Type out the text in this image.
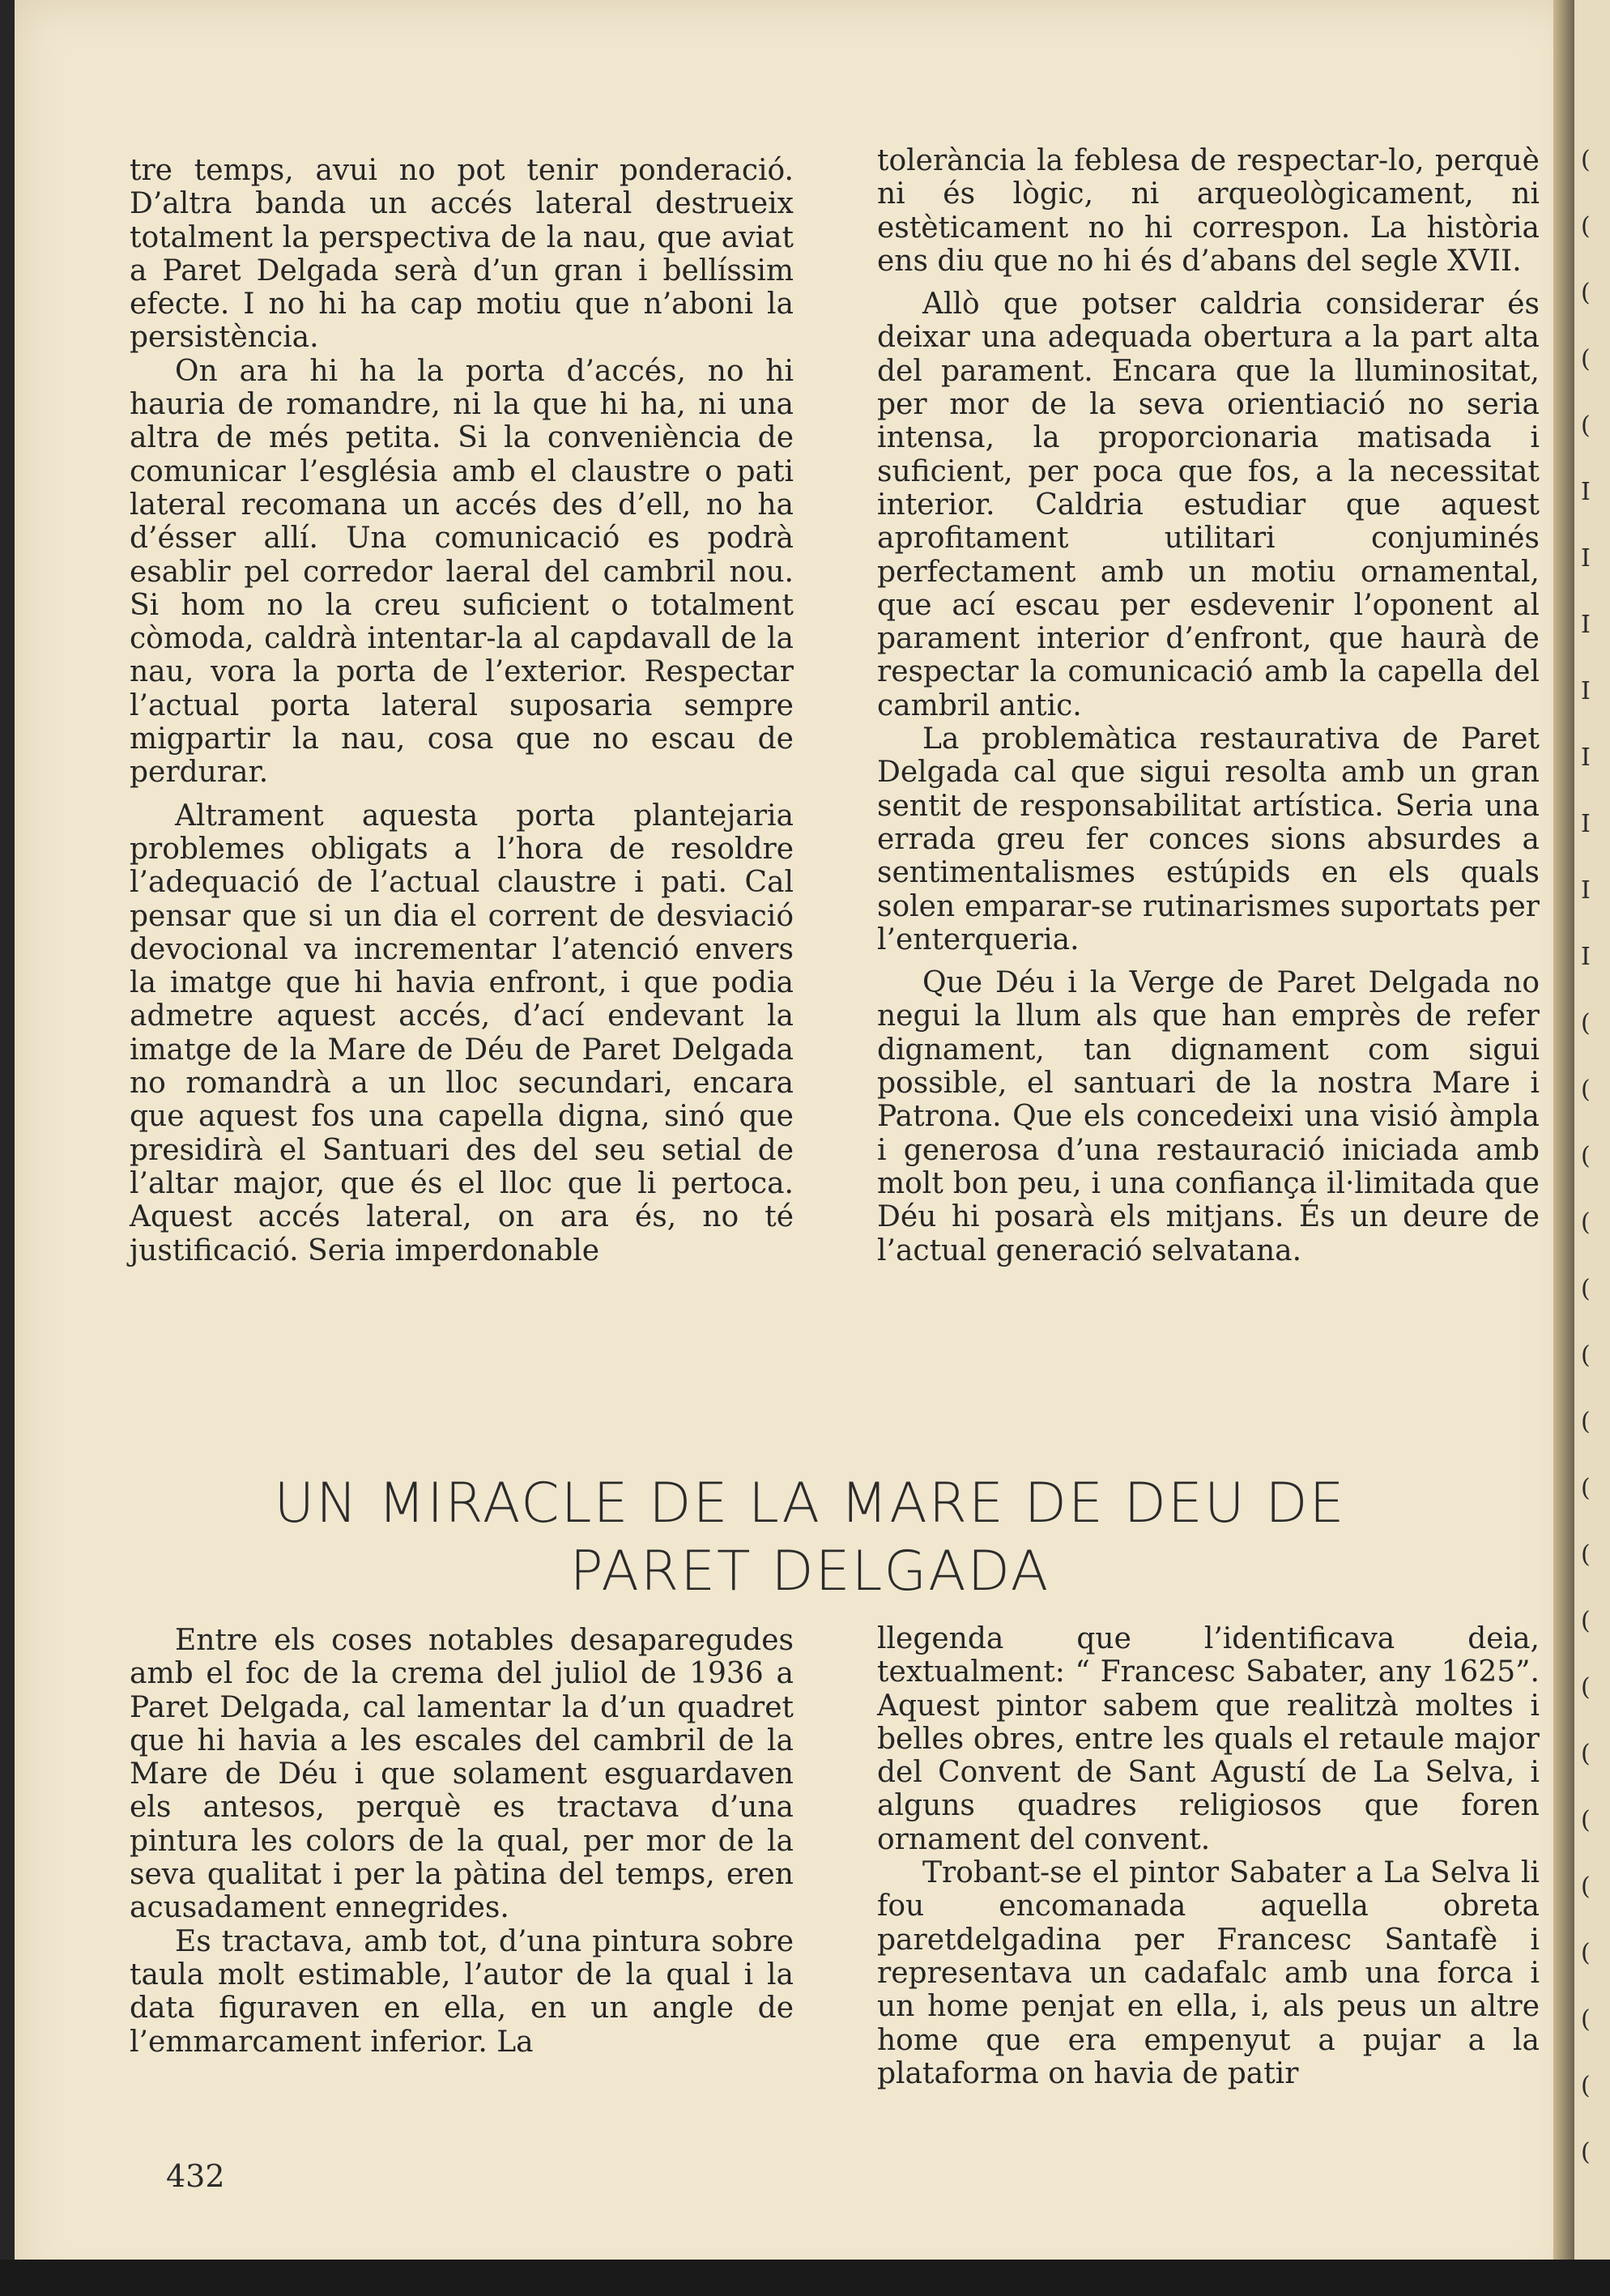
(
(
(
(
(
I
I
I
I
I
I
I
I
(
(
(
(
(
(
(
(
(
(
(
(
(
(
(
(
(
(

tre temps, avui no pot tenir ponderació. D’altra banda un accés lateral destrueix totalment la perspectiva de la nau, que aviat a Paret Delgada serà d’un gran i bellíssim efecte. I no hi ha cap motiu que n’aboni la persistència.

On ara hi ha la porta d’accés, no hi hauria de romandre, ni la que hi ha, ni una altra de més petita. Si la conveniència de comunicar l’església amb el claustre o pati lateral recomana un accés des d’ell, no ha d’ésser allí. Una comunicació es podrà esablir pel corredor laeral del cambril nou. Si hom no la creu suficient o totalment còmoda, caldrà intentar-la al capdavall de la nau, vora la porta de l’exterior. Respectar l’actual porta lateral suposaria sempre migpartir la nau, cosa que no escau de perdurar.

Altrament aquesta porta plantejaria problemes obligats a l’hora de resoldre l’adequació de l’actual claustre i pati. Cal pensar que si un dia el corrent de desviació devocional va incrementar l’atenció envers la imatge que hi havia enfront, i que podia admetre aquest accés, d’ací endevant la imatge de la Mare de Déu de Paret Delgada no romandrà a un lloc secundari, encara que aquest fos una capella digna, sinó que presidirà el Santuari des del seu setial de l’altar major, que és el lloc que li pertoca. Aquest accés lateral, on ara és, no té justificació. Seria imperdonable

tolerància la feblesa de respectar-lo, perquè ni és lògic, ni arqueològicament, ni estèticament no hi correspon. La història ens diu que no hi és d’abans del segle XVII.

Allò que potser caldria considerar és deixar una adequada obertura a la part alta del parament. Encara que la lluminositat, per mor de la seva orientiació no seria intensa, la proporcionaria matisada i suficient, per poca que fos, a la necessitat interior. Caldria estudiar que aquest aprofitament utilitari conjuminés perfectament amb un motiu ornamental, que ací escau per esdevenir l’oponent al parament interior d’enfront, que haurà de respectar la comunicació amb la capella del cambril antic.

La problemàtica restaurativa de Paret Delgada cal que sigui resolta amb un gran sentit de responsabilitat artística. Seria una errada greu fer conces sions absurdes a sentimentalismes estúpids en els quals solen emparar-se rutinarismes suportats per l’enterqueria.

Que Déu i la Verge de Paret Delgada no negui la llum als que han emprès de refer dignament, tan dignament com sigui possible, el santuari de la nostra Mare i Patrona. Que els concedeixi una visió àmpla i generosa d’una restauració iniciada amb molt bon peu, i una confiança il·limitada que Déu hi posarà els mitjans. És un deure de l’actual generació selvatana.

UN MIRACLE DE LA MARE DE DEU DE
PARET DELGADA

Entre els coses notables desaparegudes amb el foc de la crema del juliol de 1936 a Paret Delgada, cal lamentar la d’un quadret que hi havia a les escales del cambril de la Mare de Déu i que solament esguardaven els antesos, perquè es tractava d’una pintura les colors de la qual, per mor de la seva qualitat i per la pàtina del temps, eren acusadament ennegrides.

Es tractava, amb tot, d’una pintura sobre taula molt estimable, l’autor de la qual i la data figuraven en ella, en un angle de l’emmarcament inferior. La

llegenda que l’identificava deia, textualment: “ Francesc Sabater, any 1625”. Aquest pintor sabem que realitzà moltes i belles obres, entre les quals el retaule major del Convent de Sant Agustí de La Selva, i alguns quadres religiosos que foren ornament del convent.

Trobant-se el pintor Sabater a La Selva li fou encomanada aquella obreta paretdelgadina per Francesc Santafè i representava un cadafalc amb una forca i un home penjat en ella, i, als peus un altre home que era empenyut a pujar a la plataforma on havia de patir

432
